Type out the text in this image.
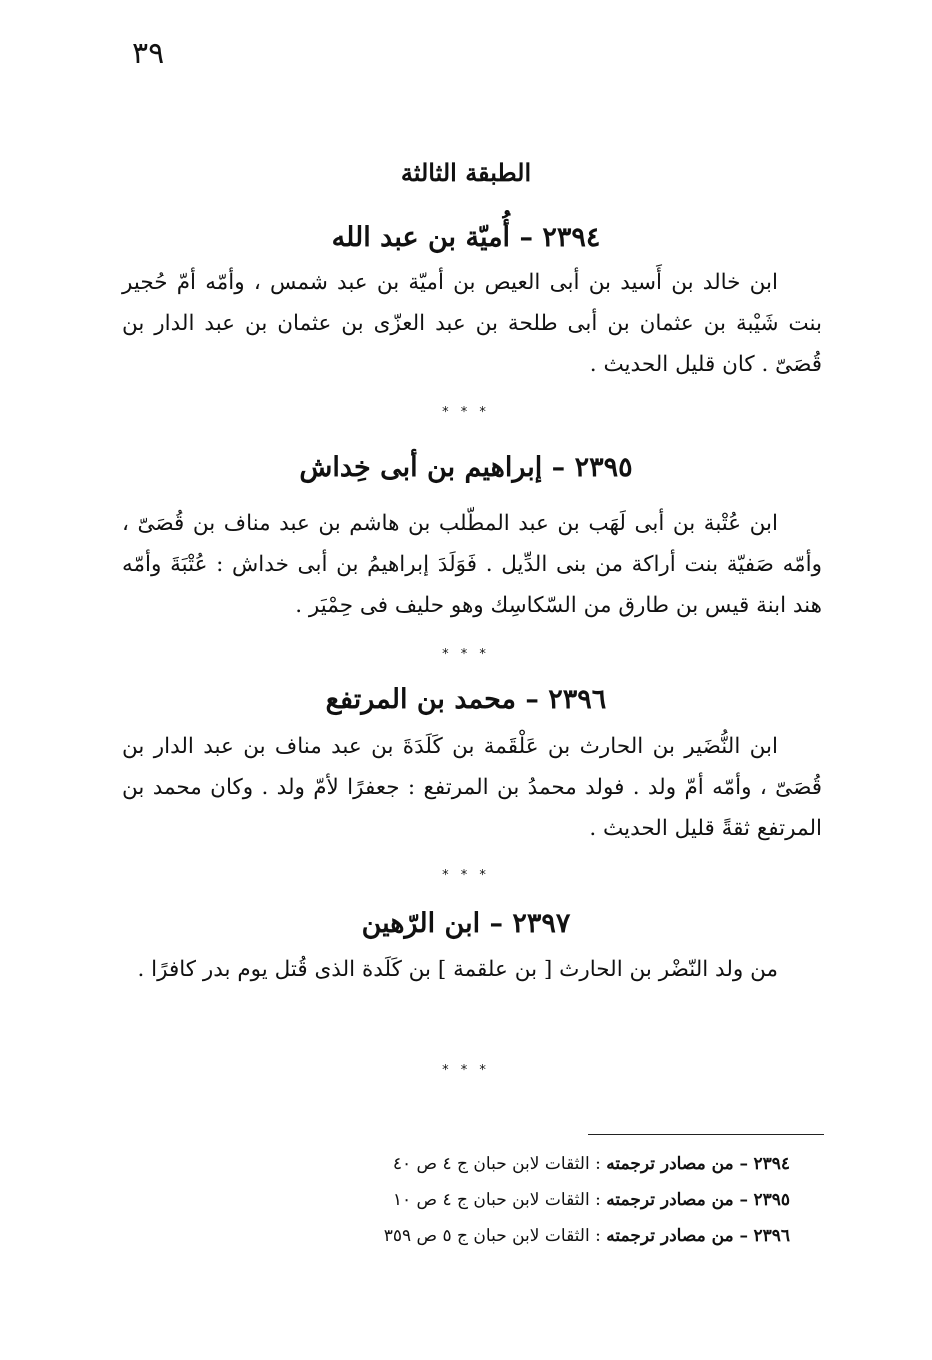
٣٩
الطبقة الثالثة
٢٣٩٤ – أُميّة بن عبد الله
ابن خالد بن أَسيد بن أبى العيص بن أميّة بن عبد شمس ، وأمّه أمّ حُجير بنت شَيْبة بن عثمان بن أبى طلحة بن عبد العزّى بن عثمان بن عبد الدار بن قُصَىّ . كان قليل الحديث .
* * *
٢٣٩٥ – إبراهيم بن أبى خِداش
ابن عُتْبة بن أبى لَهَب بن عبد المطّلب بن هاشم بن عبد مناف بن قُصَىّ ، وأمّه صَفيّة بنت أراكة من بنى الدِّيل . فَوَلَدَ إبراهيمُ بن أبى خداش : عُتْبَةَ وأمّه هند ابنة قيس بن طارق من السّكاسِك وهو حليف فى حِمْيَر .
* * *
٢٣٩٦ – محمد بن المرتفع
ابن النُّضَير بن الحارث بن عَلْقَمة بن كَلَدَةَ بن عبد مناف بن عبد الدار بن قُصَىّ ، وأمّه أمّ ولد . فولد محمدُ بن المرتفع : جعفرًا لأمّ ولد . وكان محمد بن المرتفع ثقةً قليل الحديث .
* * *
٢٣٩٧ – ابن الرّهين
من ولد النّضْر بن الحارث [ بن علقمة ] بن كَلَدة الذى قُتل يوم بدر كافرًا .
* * *
٢٣٩٤ – من مصادر ترجمته : الثقات لابن حبان ج ٤ ص ٤٠
٢٣٩٥ – من مصادر ترجمته : الثقات لابن حبان ج ٤ ص ١٠
٢٣٩٦ – من مصادر ترجمته : الثقات لابن حبان ج ٥ ص ٣٥٩
